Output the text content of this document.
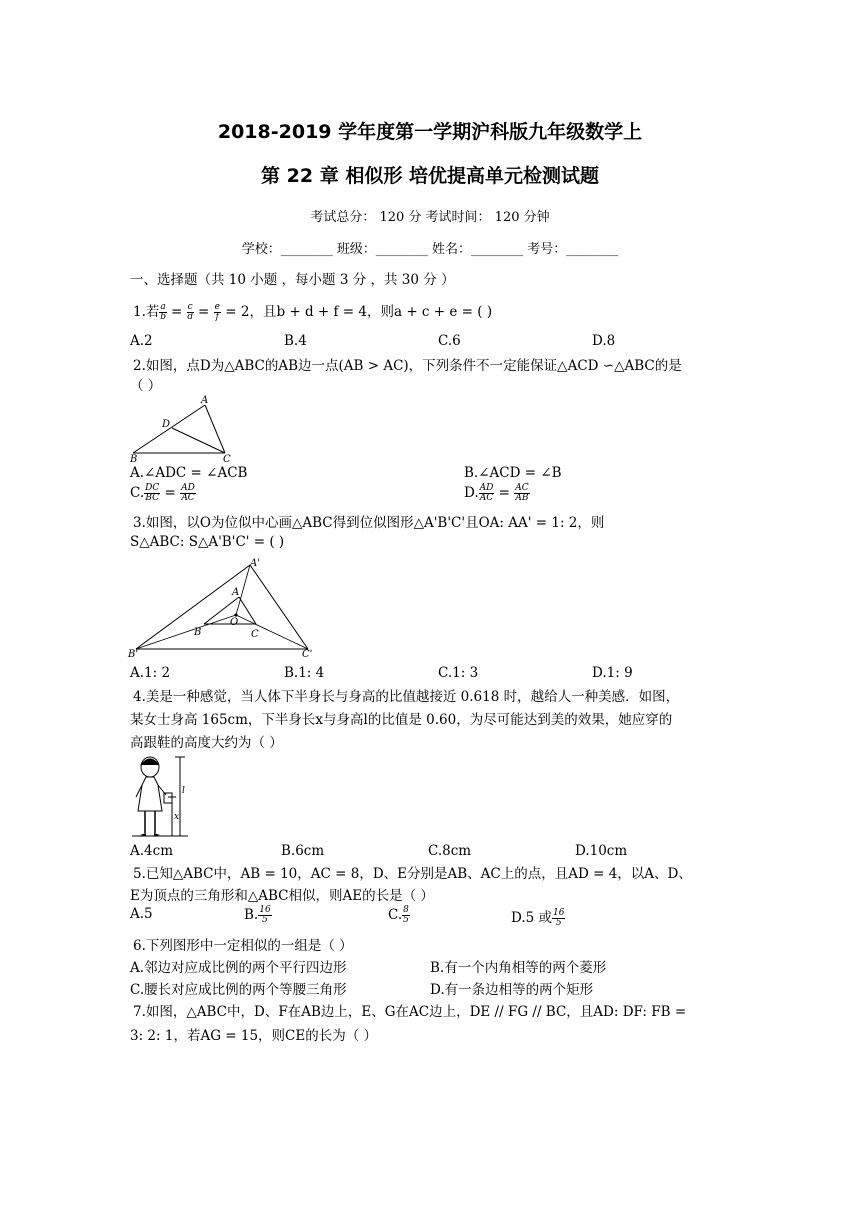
2018-2019 学年度第一学期沪科版九年级数学上
第 22 章 相似形 培优提高单元检测试题
考试总分： 120 分 考试时间： 120 分钟
学校：________ 班级：________ 姓名：________ 考号：________
一、选择题（共 10 小题 ，每小题 3 分 ，共 30 分 ）
1.若 $\frac{a}{b} = \frac{c}{d} = \frac{e}{f} = 2$，且b + d + f = 4，则a + c + e = ( )
A.2	B.4	C.6	D.8
2.如图，点D为△ABC的AB边一点(AB > AC)，下列条件不一定能保证△ACD ∽△ABC的是
（ ）
A
D
B	C
A.∠ADC = ∠ACB	B.∠ACD = ∠B
C. $\frac{DC}{BC} = \frac{AD}{AC}$	D. $\frac{AD}{AC} = \frac{AC}{AB}$
3.如图，以O为位似中心画△ABC得到位似图形△A'B'C'且OA: AA' = 1: 2，则
S△ABC: S△A'B'C' = ( )
A'
A
O
B	C
B'	C'
A.1: 2	B.1: 4	C.1: 3	D.1: 9
4.美是一种感觉，当人体下半身长与身高的比值越接近 0.618 时，越给人一种美感．如图，
某女士身高 165cm，下半身长x与身高l的比值是 0.60，为尽可能达到美的效果，她应穿的
高跟鞋的高度大约为（ ）
l
x
A.4cm	B.6cm	C.8cm	D.10cm
5.已知△ABC中，AB = 10，AC = 8，D、E分别是AB、AC上的点，且AD = 4，以A、D、
E为顶点的三角形和△ABC相似，则AE的长是（ ）
A.5	B. $\frac{16}{5}$	C. $\frac{8}{5}$	D.5 或 $\frac{16}{5}$
6.下列图形中一定相似的一组是（ ）
A.邻边对应成比例的两个平行四边形	B.有一个内角相等的两个菱形
C.腰长对应成比例的两个等腰三角形	D.有一条边相等的两个矩形
7.如图，△ABC中，D、F在AB边上，E、G在AC边上，DE // FG // BC，且AD: DF: FB =
3: 2: 1，若AG = 15，则CE的长为（ ）
